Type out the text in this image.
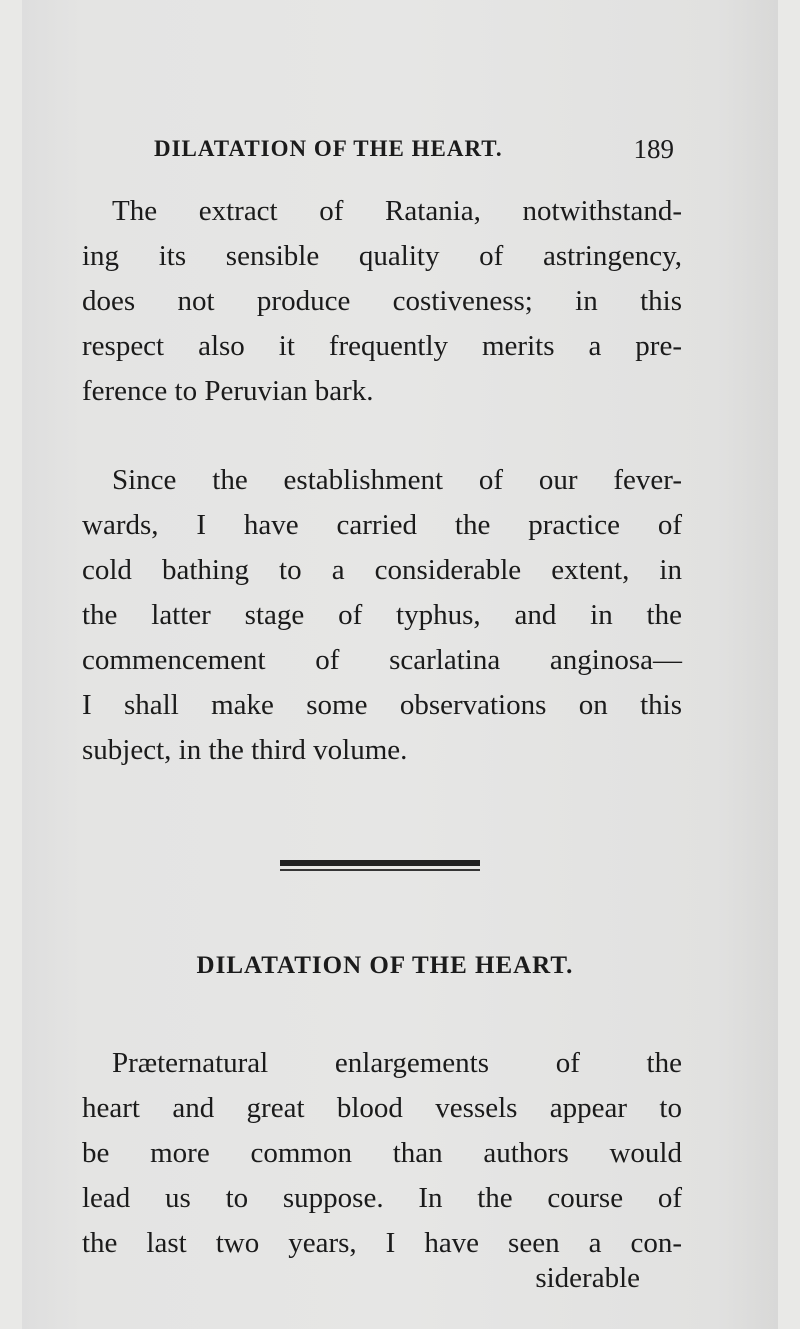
DILATATION OF THE HEART.	189
The extract of Ratania, notwithstand-
ing its sensible quality of astringency,
does not produce costiveness; in this
respect also it frequently merits a pre-
ference to Peruvian bark.
Since the establishment of our fever-
wards, I have carried the practice of
cold bathing to a considerable extent, in
the latter stage of typhus, and in the
commencement of scarlatina anginosa—
I shall make some observations on this
subject, in the third volume.
DILATATION OF THE HEART.
Præternatural enlargements of the
heart and great blood vessels appear to
be more common than authors would
lead us to suppose. In the course of
the last two years, I have seen a con-
siderable
